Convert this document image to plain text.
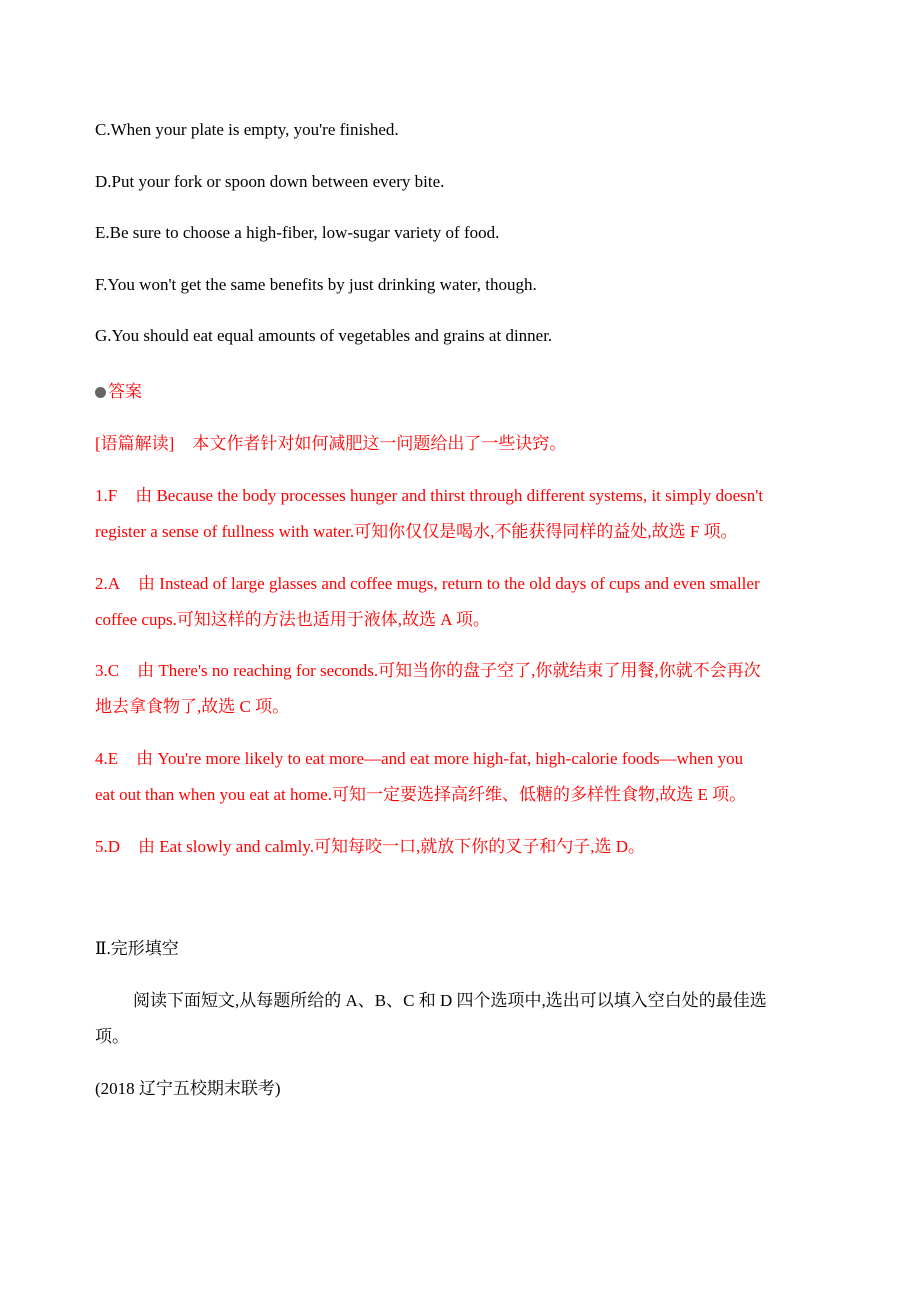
C.When your plate is empty, you're finished.
D.Put your fork or spoon down between every bite.
E.Be sure to choose a high-fiber, low-sugar variety of food.
F.You won't get the same benefits by just drinking water, though.
G.You should eat equal amounts of vegetables and grains at dinner.
答案
[语篇解读] 本文作者针对如何减肥这一问题给出了一些诀窍。
1.F 由 Because the body processes hunger and thirst through different systems, it simply doesn't
register a sense of fullness with water.可知你仅仅是喝水,不能获得同样的益处,故选 F 项。
2.A 由 Instead of large glasses and coffee mugs, return to the old days of cups and even smaller
coffee cups.可知这样的方法也适用于液体,故选 A 项。
3.C 由 There's no reaching for seconds.可知当你的盘子空了,你就结束了用餐,你就不会再次
地去拿食物了,故选 C 项。
4.E 由 You're more likely to eat more—and eat more high-fat, high-calorie foods—when you
eat out than when you eat at home.可知一定要选择高纤维、低糖的多样性食物,故选 E 项。
5.D 由 Eat slowly and calmly.可知每咬一口,就放下你的叉子和勺子,选 D。
Ⅱ.完形填空
阅读下面短文,从每题所给的 A、B、C 和 D 四个选项中,选出可以填入空白处的最佳选
项。
(2018 辽宁五校期末联考)
